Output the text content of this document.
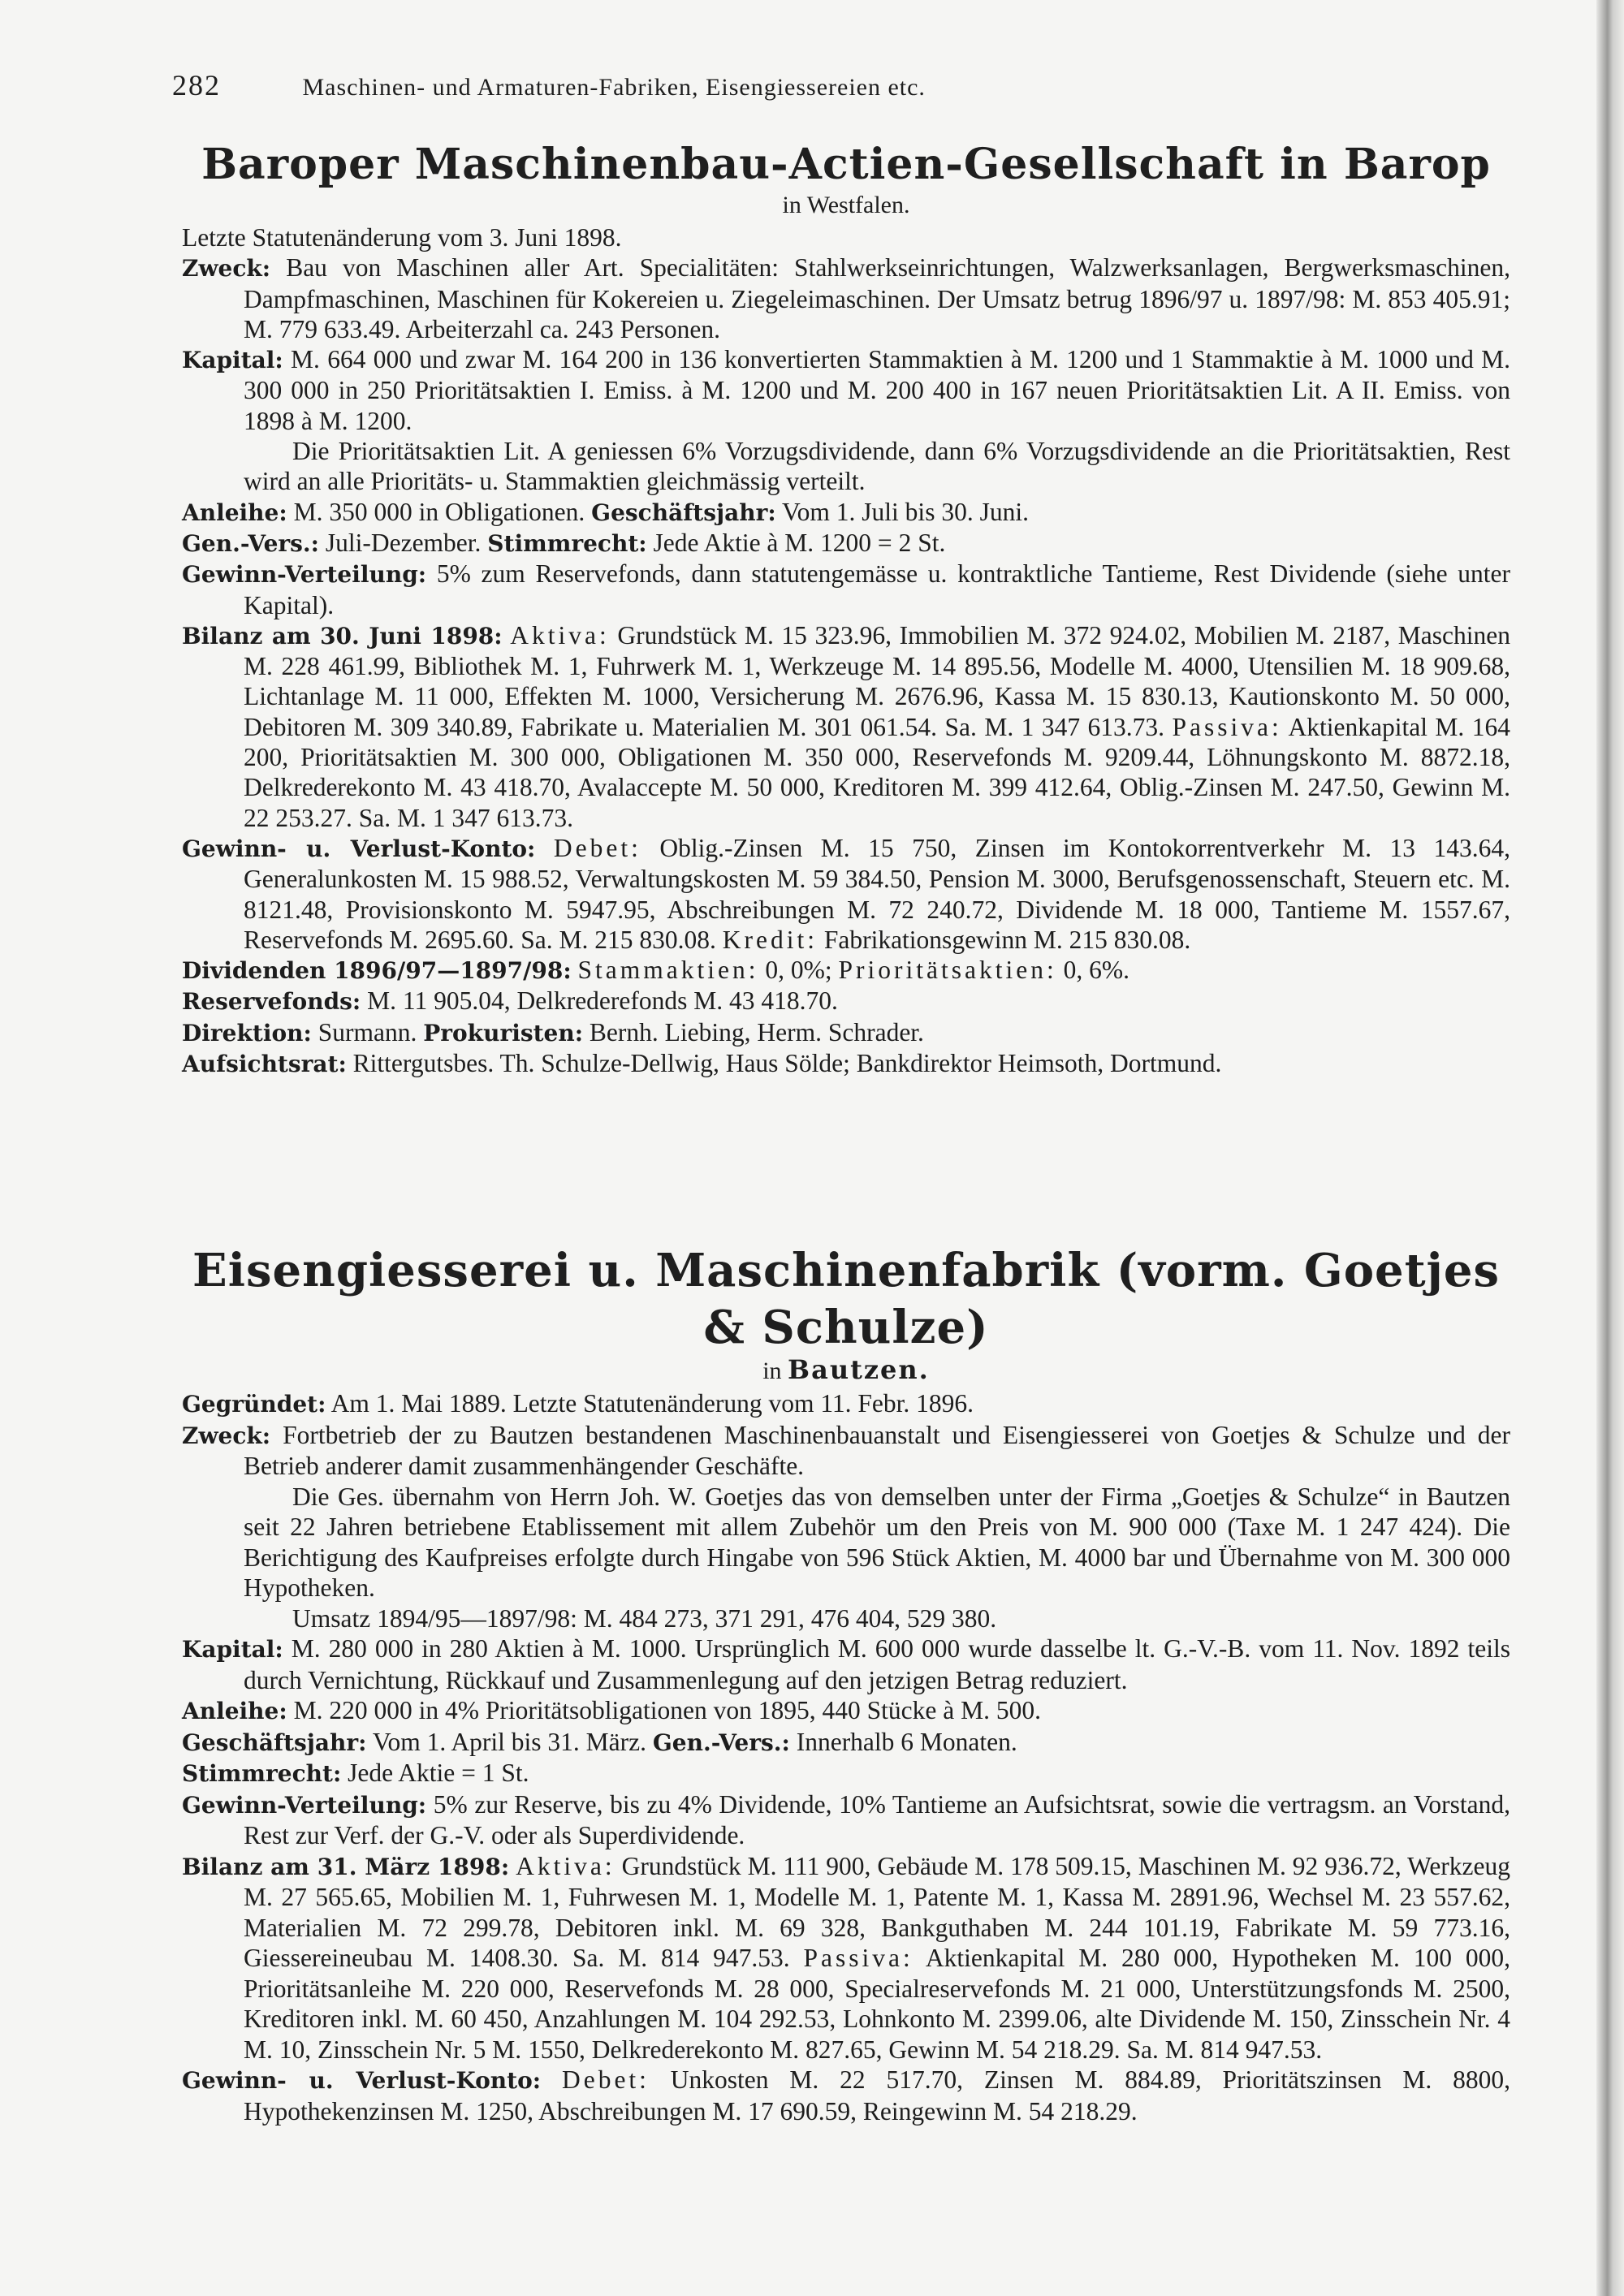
282	Maschinen- und Armaturen-Fabriken, Eisengiessereien etc.
Baroper Maschinenbau-Actien-Gesellschaft in Barop
in Westfalen.

Letzte Statutenänderung vom 3. Juni 1898.

Zweck: Bau von Maschinen aller Art. Specialitäten: Stahlwerkseinrichtungen, Walzwerksanlagen, Bergwerksmaschinen, Dampfmaschinen, Maschinen für Kokereien u. Ziegeleimaschinen. Der Umsatz betrug 1896/97 u. 1897/98: M. 853 405.91; M. 779 633.49. Arbeiterzahl ca. 243 Personen.

Kapital: M. 664 000 und zwar M. 164 200 in 136 konvertierten Stammaktien à M. 1200 und 1 Stammaktie à M. 1000 und M. 300 000 in 250 Prioritätsaktien I. Emiss. à M. 1200 und M. 200 400 in 167 neuen Prioritätsaktien Lit. A II. Emiss. von 1898 à M. 1200.

Die Prioritätsaktien Lit. A geniessen 6% Vorzugsdividende, dann 6% Vorzugsdividende an die Prioritätsaktien, Rest wird an alle Prioritäts- u. Stammaktien gleichmässig verteilt.

Anleihe: M. 350 000 in Obligationen. Geschäftsjahr: Vom 1. Juli bis 30. Juni.

Gen.-Vers.: Juli-Dezember. Stimmrecht: Jede Aktie à M. 1200 = 2 St.

Gewinn-Verteilung: 5% zum Reservefonds, dann statutengemässe u. kontraktliche Tantieme, Rest Dividende (siehe unter Kapital).

Bilanz am 30. Juni 1898: Aktiva: Grundstück M. 15 323.96, Immobilien M. 372 924.02, Mobilien M. 2187, Maschinen M. 228 461.99, Bibliothek M. 1, Fuhrwerk M. 1, Werkzeuge M. 14 895.56, Modelle M. 4000, Utensilien M. 18 909.68, Lichtanlage M. 11 000, Effekten M. 1000, Versicherung M. 2676.96, Kassa M. 15 830.13, Kautionskonto M. 50 000, Debitoren M. 309 340.89, Fabrikate u. Materialien M. 301 061.54. Sa. M. 1 347 613.73. Passiva: Aktienkapital M. 164 200, Prioritätsaktien M. 300 000, Obligationen M. 350 000, Reservefonds M. 9209.44, Löhnungskonto M. 8872.18, Delkrederekonto M. 43 418.70, Avalaccepte M. 50 000, Kreditoren M. 399 412.64, Oblig.-Zinsen M. 247.50, Gewinn M. 22 253.27. Sa. M. 1 347 613.73.

Gewinn- u. Verlust-Konto: Debet: Oblig.-Zinsen M. 15 750, Zinsen im Kontokorrentverkehr M. 13 143.64, Generalunkosten M. 15 988.52, Verwaltungskosten M. 59 384.50, Pension M. 3000, Berufsgenossenschaft, Steuern etc. M. 8121.48, Provisionskonto M. 5947.95, Abschreibungen M. 72 240.72, Dividende M. 18 000, Tantieme M. 1557.67, Reservefonds M. 2695.60. Sa. M. 215 830.08. Kredit: Fabrikationsgewinn M. 215 830.08.

Dividenden 1896/97—1897/98: Stammaktien: 0, 0%; Prioritätsaktien: 0, 6%.

Reservefonds: M. 11 905.04, Delkrederefonds M. 43 418.70.

Direktion: Surmann. Prokuristen: Bernh. Liebing, Herm. Schrader.

Aufsichtsrat: Rittergutsbes. Th. Schulze-Dellwig, Haus Sölde; Bankdirektor Heimsoth, Dortmund.

Eisengiesserei u. Maschinenfabrik (vorm. Goetjes & Schulze)
in Bautzen.

Gegründet: Am 1. Mai 1889. Letzte Statutenänderung vom 11. Febr. 1896.

Zweck: Fortbetrieb der zu Bautzen bestandenen Maschinenbauanstalt und Eisengiesserei von Goetjes & Schulze und der Betrieb anderer damit zusammenhängender Geschäfte.

Die Ges. übernahm von Herrn Joh. W. Goetjes das von demselben unter der Firma „Goetjes & Schulze“ in Bautzen seit 22 Jahren betriebene Etablissement mit allem Zubehör um den Preis von M. 900 000 (Taxe M. 1 247 424). Die Berichtigung des Kaufpreises erfolgte durch Hingabe von 596 Stück Aktien, M. 4000 bar und Übernahme von M. 300 000 Hypotheken.

Umsatz 1894/95—1897/98: M. 484 273, 371 291, 476 404, 529 380.

Kapital: M. 280 000 in 280 Aktien à M. 1000. Ursprünglich M. 600 000 wurde dasselbe lt. G.-V.-B. vom 11. Nov. 1892 teils durch Vernichtung, Rückkauf und Zusammenlegung auf den jetzigen Betrag reduziert.

Anleihe: M. 220 000 in 4% Prioritätsobligationen von 1895, 440 Stücke à M. 500.

Geschäftsjahr: Vom 1. April bis 31. März. Gen.-Vers.: Innerhalb 6 Monaten.

Stimmrecht: Jede Aktie = 1 St.

Gewinn-Verteilung: 5% zur Reserve, bis zu 4% Dividende, 10% Tantieme an Aufsichtsrat, sowie die vertragsm. an Vorstand, Rest zur Verf. der G.-V. oder als Superdividende.

Bilanz am 31. März 1898: Aktiva: Grundstück M. 111 900, Gebäude M. 178 509.15, Maschinen M. 92 936.72, Werkzeug M. 27 565.65, Mobilien M. 1, Fuhrwesen M. 1, Modelle M. 1, Patente M. 1, Kassa M. 2891.96, Wechsel M. 23 557.62, Materialien M. 72 299.78, Debitoren inkl. M. 69 328, Bankguthaben M. 244 101.19, Fabrikate M. 59 773.16, Giessereineubau M. 1408.30. Sa. M. 814 947.53. Passiva: Aktienkapital M. 280 000, Hypotheken M. 100 000, Prioritätsanleihe M. 220 000, Reservefonds M. 28 000, Specialreservefonds M. 21 000, Unterstützungsfonds M. 2500, Kreditoren inkl. M. 60 450, Anzahlungen M. 104 292.53, Lohnkonto M. 2399.06, alte Dividende M. 150, Zinsschein Nr. 4 M. 10, Zinsschein Nr. 5 M. 1550, Delkrederekonto M. 827.65, Gewinn M. 54 218.29. Sa. M. 814 947.53.

Gewinn- u. Verlust-Konto: Debet: Unkosten M. 22 517.70, Zinsen M. 884.89, Prioritätszinsen M. 8800, Hypothekenzinsen M. 1250, Abschreibungen M. 17 690.59, Reingewinn M. 54 218.29.
